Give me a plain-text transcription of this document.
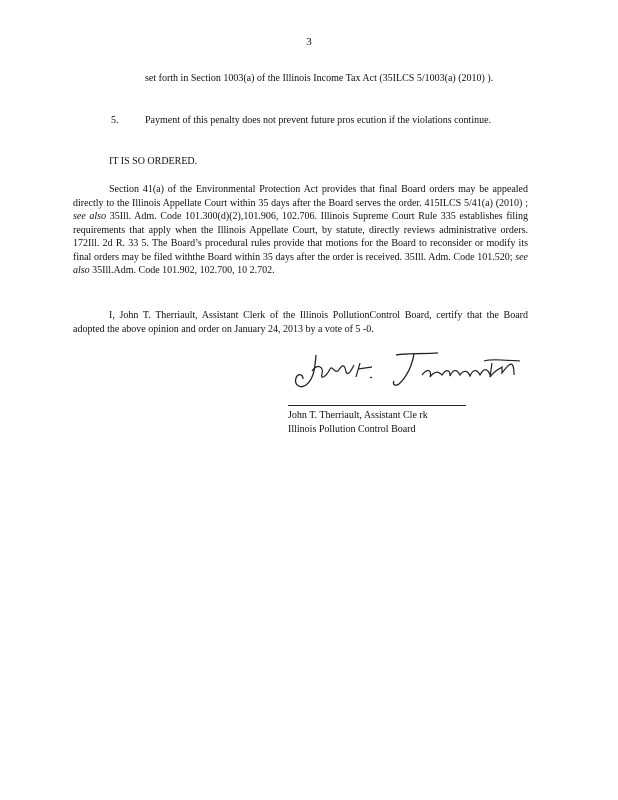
3
set forth in Section 1003(a) of the Illinois Income Tax Act (35ILCS 5/1003(a) (2010) ).
5.	Payment of this penalty does not prevent future pros ecution if the violations continue.
IT IS SO ORDERED.
Section 41(a) of the Environmental Protection Act provides that final Board orders may be appealed directly to the Illinois Appellate Court within 35 days after the Board serves the order. 415ILCS 5/41(a) (2010) ; see also 35Ill. Adm. Code 101.300(d)(2),101.906, 102.706. Illinois Supreme Court Rule 335 establishes filing requirements that apply when the Illinois Appellate Court, by statute, directly reviews administrative orders. 172Ill. 2d R. 33 5. The Board’s procedural rules provide that motions for the Board to reconsider or modify its final orders may be filed withthe Board within 35 days after the order is received. 35Ill. Adm. Code 101.520; see also 35Ill.Adm. Code 101.902, 102.700, 10 2.702.
I, John T. Therriault, Assistant Clerk of the Illinois PollutionControl Board, certify that the Board adopted the above opinion and order on January 24, 2013 by a vote of 5 -0.
John T. Therriault, Assistant Cle rk
Illinois Pollution Control Board
